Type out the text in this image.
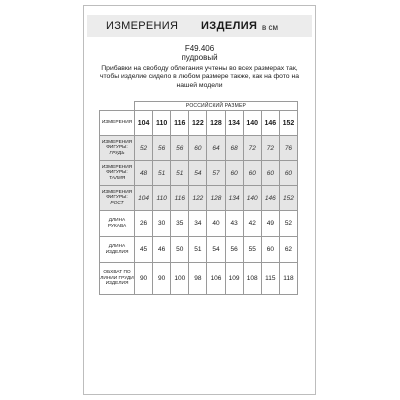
ИЗМЕРЕНИЯ ИЗДЕЛИЯ в см
F49.406
пудровый
Прибавки на свободу облегания учтены во всех размерах так, чтобы изделие сидело в любом размере также, как на фото на нашей модели
	РОССИЙСКИЙ РАЗМЕР								
ИЗМЕРЕНИЯ	104	110	116	122	128	134	140	146	152
ИЗМЕРЕНИЯ ФИГУРЫ:
ГРУДЬ	52	56	56	60	64	68	72	72	76
ИЗМЕРЕНИЯ ФИГУРЫ:
ТАЛИЯ	48	51	51	54	57	60	60	60	60
ИЗМЕРЕНИЯ ФИГУРЫ:
РОСТ	104	110	116	122	128	134	140	146	152
ДЛИНА
РУКАВА	26	30	35	34	40	43	42	49	52
ДЛИНА
ИЗДЕЛИЯ	45	46	50	51	54	56	55	60	62
ОБХВАТ ПО ЛИНИИ ГРУДИ
ИЗДЕЛИЯ	90	90	100	98	106	109	108	115	118
